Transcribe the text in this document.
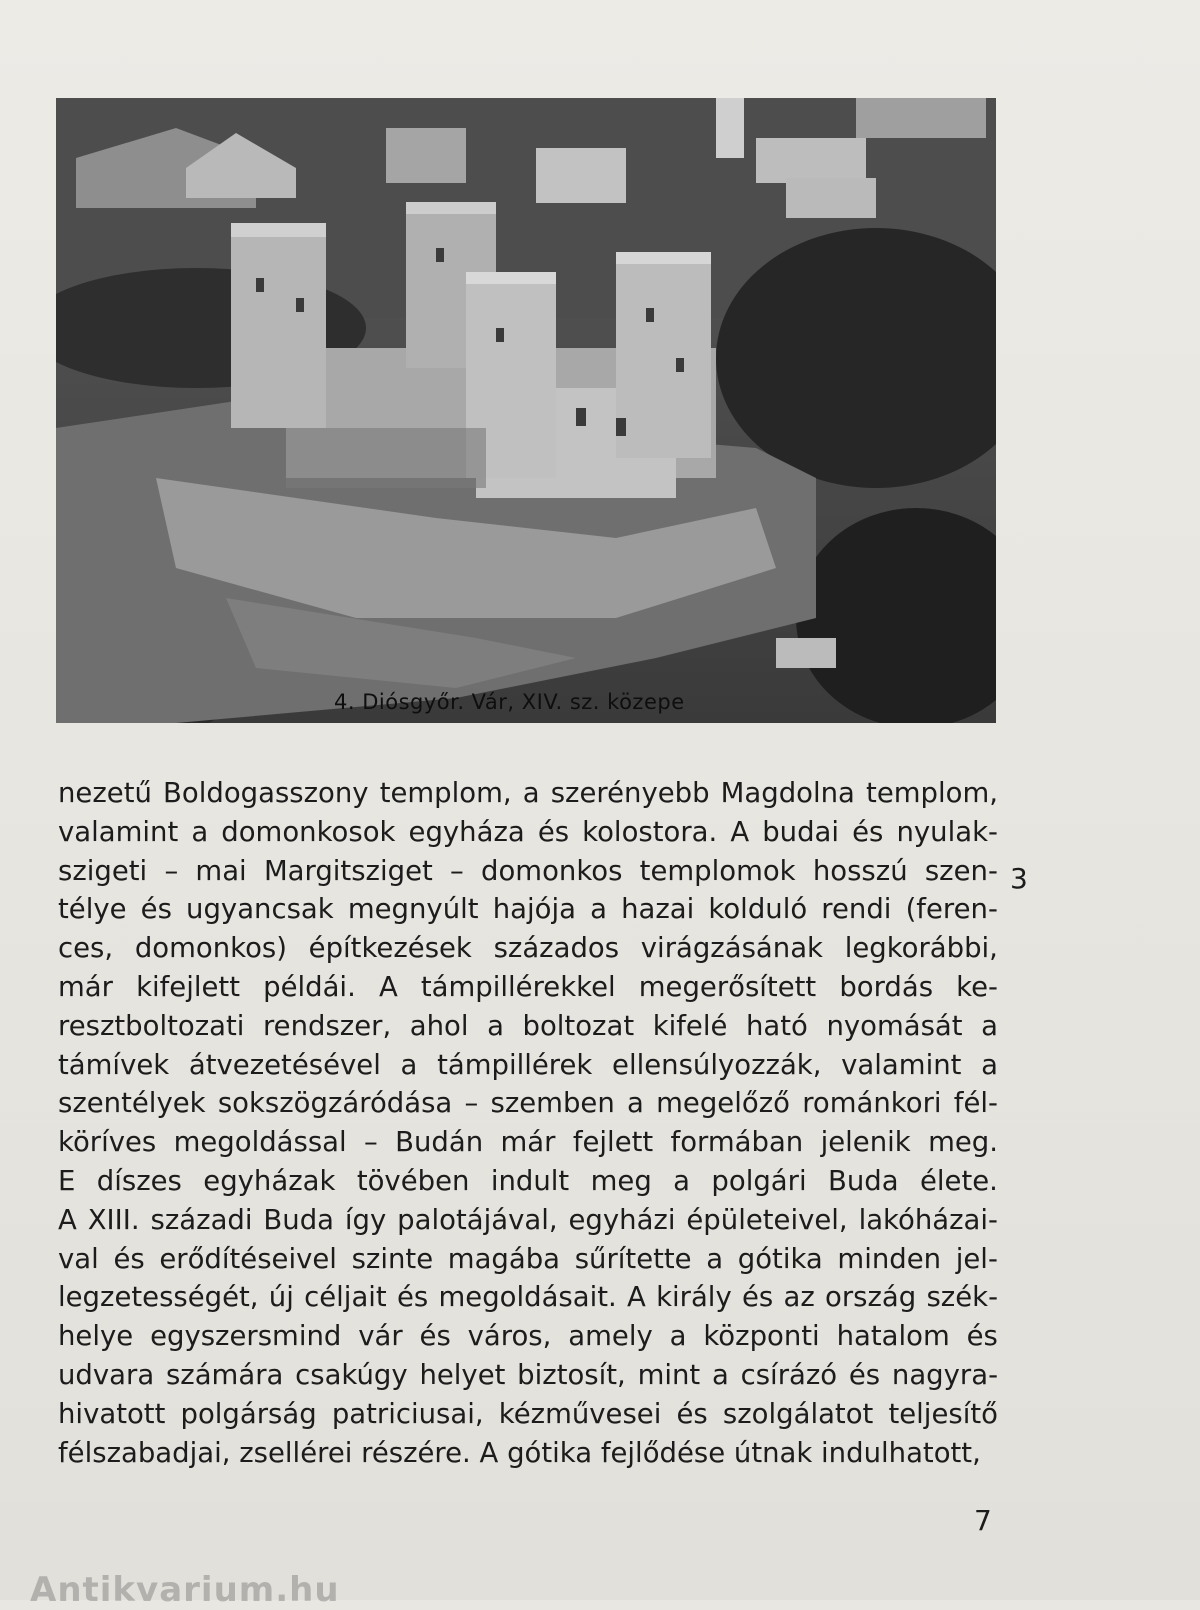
4. Diósgyőr. Vár, XIV. sz. közepe
nezetű Boldogasszony templom, a szerényebb Magdolna templom,
valamint a domonkosok egyháza és kolostora. A budai és nyulak-
szigeti – mai Margitsziget – domonkos templomok hosszú szen-
télye és ugyancsak megnyúlt hajója a hazai kolduló rendi (feren-
ces, domonkos) építkezések százados virágzásának legkorábbi,
már kifejlett példái. A támpillérekkel megerősített bordás ke-
resztboltozati rendszer, ahol a boltozat kifelé ható nyomását a
támívek átvezetésével a támpillérek ellensúlyozzák, valamint a
szentélyek sokszögzáródása – szemben a megelőző románkori fél-
köríves megoldással – Budán már fejlett formában jelenik meg.
E díszes egyházak tövében indult meg a polgári Buda élete.
A XIII. századi Buda így palotájával, egyházi épületeivel, lakóházai-
val és erődítéseivel szinte magába sűrítette a gótika minden jel-
legzetességét, új céljait és megoldásait. A király és az ország szék-
helye egyszersmind vár és város, amely a központi hatalom és
udvara számára csakúgy helyet biztosít, mint a csírázó és nagyra-
hivatott polgárság patriciusai, kézművesei és szolgálatot teljesítő
félszabadjai, zsellérei részére. A gótika fejlődése útnak indulhatott,
3
7
Antikvarium.hu
